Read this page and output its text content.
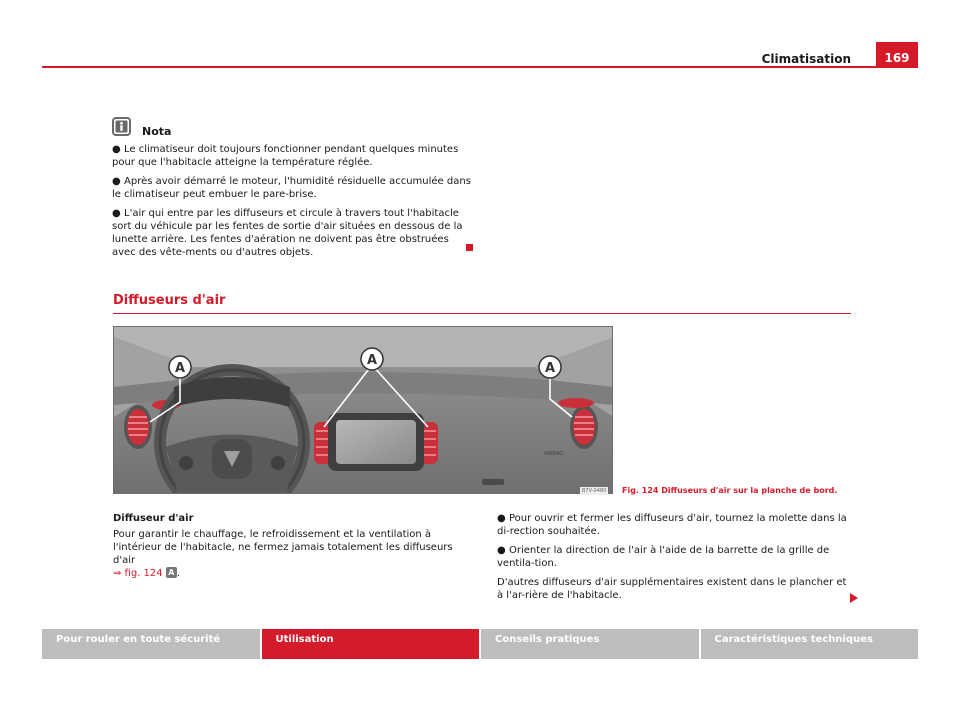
Climatisation	169
Nota
● Le climatiseur doit toujours fonctionner pendant quelques minutes pour que l'habitacle atteigne la température réglée.
● Après avoir démarré le moteur, l'humidité résiduelle accumulée dans le climatiseur peut embuer le pare-brise.
● L'air qui entre par les diffuseurs et circule à travers tout l'habitacle sort du véhicule par les fentes de sortie d'air situées en dessous de la lunette arrière. Les fentes d'aération ne doivent pas être obstruées avec des vête-ments ou d'autres objets.
Diffuseurs d'air
AIRBAG
A
A
A
B7V-0480 Fig. 124 Diffuseurs d'air sur la planche de bord.
Diffuseur d'air
Pour garantir le chauffage, le refroidissement et la ventilation à l'intérieur de l'habitacle, ne fermez jamais totalement les diffuseurs d'air
⇒ fig. 124 A .

● Pour ouvrir et fermer les diffuseurs d'air, tournez la molette dans la di-rection souhaitée.

● Orienter la direction de l'air à l'aide de la barrette de la grille de ventila-tion.

D'autres diffuseurs d'air supplémentaires existent dans le plancher et à l'ar-rière de l'habitacle.

Pour rouler en toute sécurité	Utilisation	Conseils pratiques	Caractéristiques techniques
